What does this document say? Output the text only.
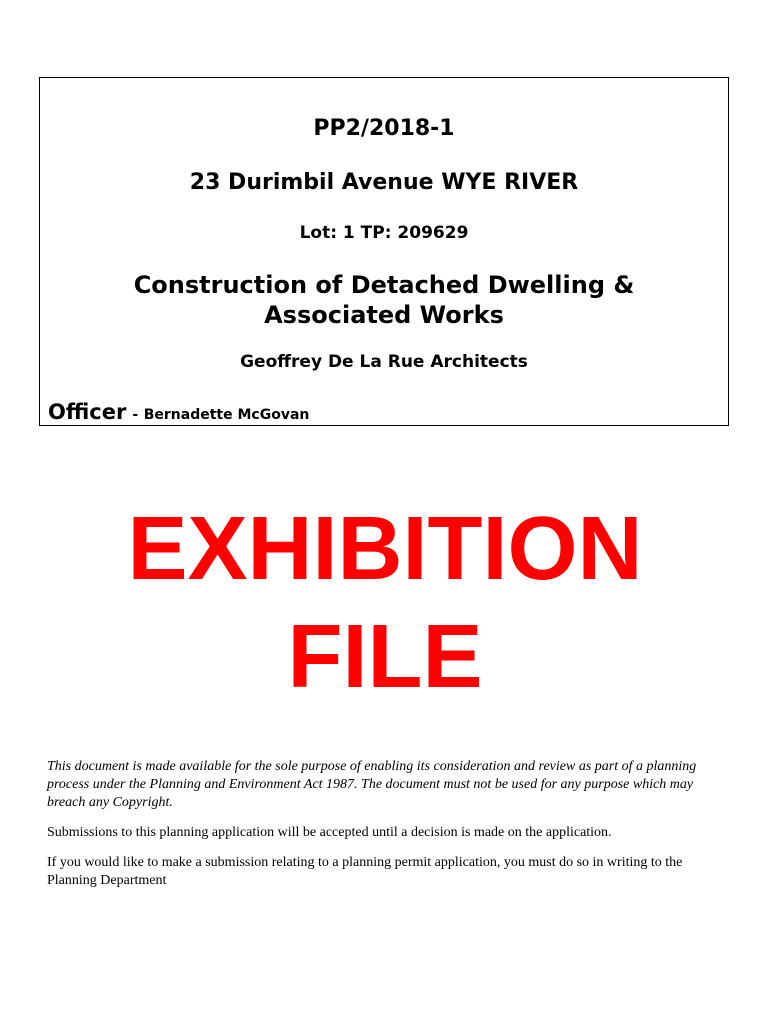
PP2/2018-1
23 Durimbil Avenue WYE RIVER
Lot: 1 TP: 209629
Construction of Detached Dwelling &
Associated Works
Geoffrey De La Rue Architects
Officer - Bernadette McGovan
EXHIBITION
FILE

This document is made available for the sole purpose of enabling its consideration and review as part of a planning process under the Planning and Environment Act 1987. The document must not be used for any purpose which may breach any Copyright.

Submissions to this planning application will be accepted until a decision is made on the application.

If you would like to make a submission relating to a planning permit application, you must do so in writing to the Planning Department
